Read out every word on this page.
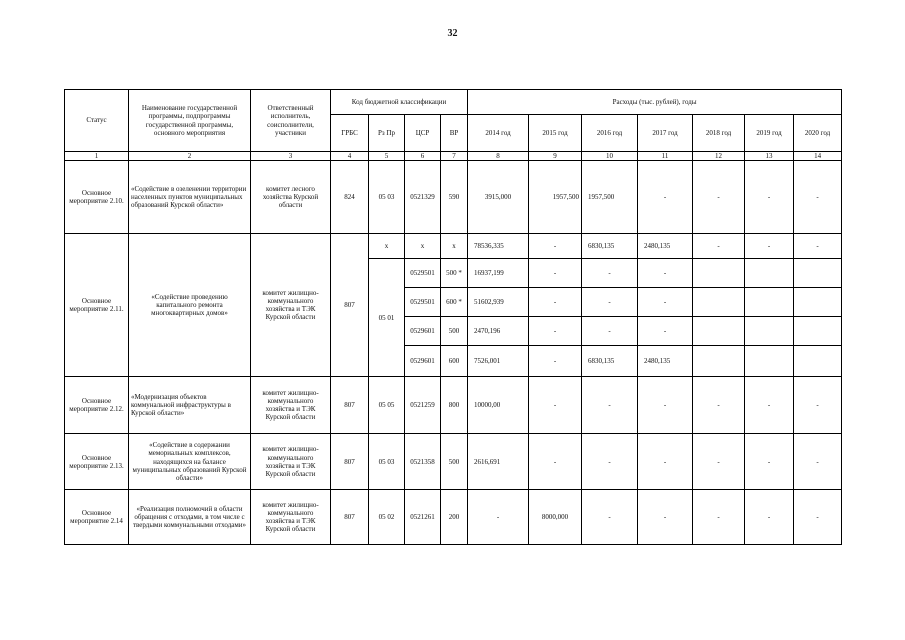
32
Статус	Наименование государственной программы, подпрограммы государственной программы, основного мероприятия	Ответственный исполнитель, соисполнители, участники	Код бюджетной классификации				Расходы (тыс. рублей), годы						
			ГРБС	Рз Пр	ЦСР	ВР	2014 год	2015 год	2016 год	2017 год	2018 год	2019 год	2020 год
1	2	3	4	5	6	7	8	9	10	11	12	13	14
Основное мероприятие 2.10.	«Содействие в озеленении территории населенных пунктов муниципальных образований Курской области»	комитет лесного хозяйства Курской области	824	05 03	0521329	590	3915,000	1957,500	1957,500	-	-	-	-
Основное мероприятие 2.11.	«Содействие проведению капитального ремонта многоквартирных домов»	комитет жилищно-коммунального хозяйства и ТЭК Курской области	807	х	х	х	78536,335	-	6830,135	2480,135	-	-	-
				05 01	0529501	500 *	16937,199	-	-	-			
					0529501	600 *	51602,939	-	-	-			
					0529601	500	2470,196	-	-	-			
					0529601	600	7526,001	-	6830,135	2480,135			
Основное мероприятие 2.12.	«Модернизация объектов коммунальной инфраструктуры в Курской области»	комитет жилищно-коммунального хозяйства и ТЭК Курской области	807	05 05	0521259	800	10000,00	-	-	-	-	-	-
Основное мероприятие 2.13.	«Содействие в содержании мемориальных комплексов, находящихся на балансе муниципальных образований Курской области»	комитет жилищно-коммунального хозяйства и ТЭК Курской области	807	05 03	0521358	500	2616,691	-	-	-	-	-	-
Основное мероприятие 2.14	«Реализация полномочий в области обращения с отходами, в том числе с твердыми коммунальными отходами»	комитет жилищно-коммунального хозяйства и ТЭК Курской области	807	05 02	0521261	200	-	8000,000	-	-	-	-	-
